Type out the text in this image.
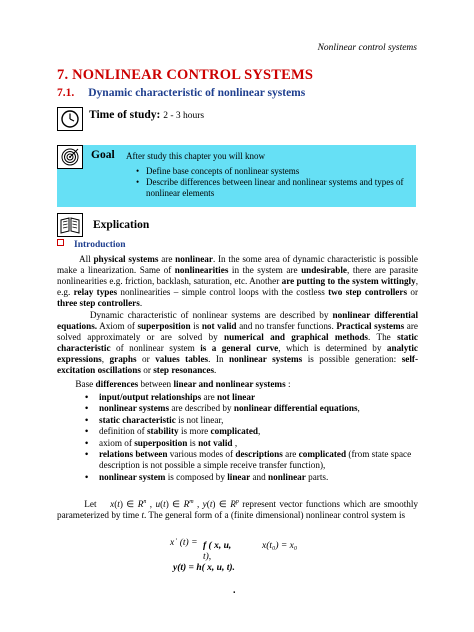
Nonlinear control systems
7. NONLINEAR CONTROL SYSTEMS
7.1. Dynamic characteristic of nonlinear systems
Time of study: 2 - 3 hours
Goal After study this chapter you will know
• Define base concepts of nonlinear systems
• Describe differences between linear and nonlinear systems and types of nonlinear elements
Explication
Introduction
All physical systems are nonlinear. In the some area of dynamic characteristic is possible make a linearization. Same of nonlinearities in the system are undesirable, there are parasite nonlinearities e.g. friction, backlash, saturation, etc. Another are putting to the system wittingly, e.g. relay types nonlinearities – simple control loops with the costless two step controllers or three step controllers.
Dynamic characteristic of nonlinear systems are described by nonlinear differential equations. Axiom of superposition is not valid and no transfer functions. Practical systems are solved approximately or are solved by numerical and graphical methods. The static characteristic of nonlinear system is a general curve, which is determined by analytic expressions, graphs or values tables. In nonlinear systems is possible generation: self-excitation oscillations or step resonances.
Base differences between linear and nonlinear systems :
• input/output relationships are not linear
• nonlinear systems are described by nonlinear differential equations,
• static characteristic is not linear,
• definition of stability is more complicated,
• axiom of superposition is not valid ,
• relations between various modes of descriptions are complicated (from state space description is not possible a simple receive transfer function),
• nonlinear system is composed by linear and nonlinear parts.
Let    x(t) ∈ $R^n$ , u(t) ∈ $R^m$ , y(t) ∈ $R^p$ represent vector functions which are smoothly parameterized by time t. The general form of a (finite dimensional) nonlinear control system is
x˙ (t) = f ( x, u,
t),
x(t₀) = x₀
y(t) = h( x, u, t).
.
